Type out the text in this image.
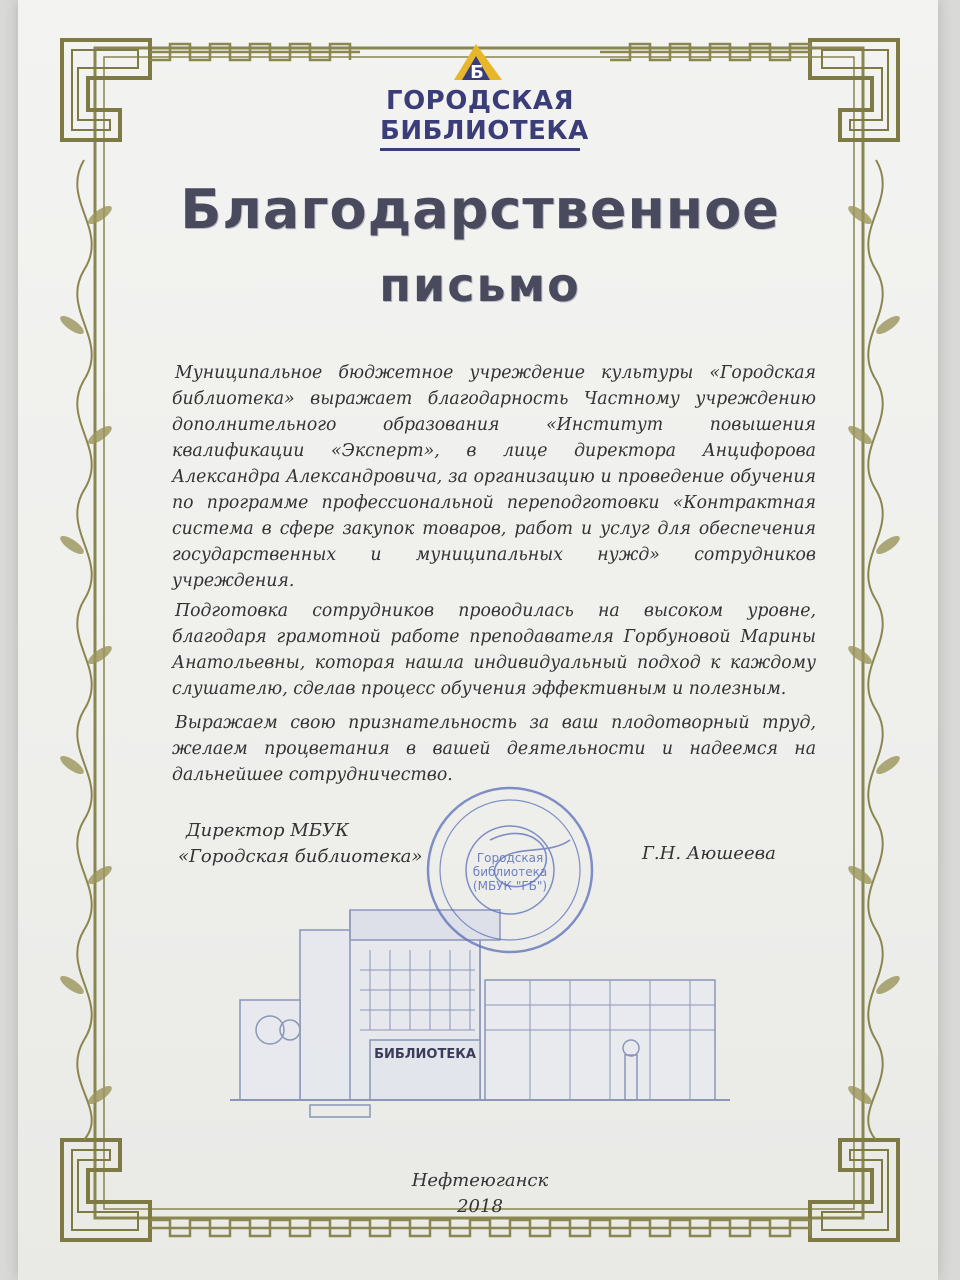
Б
ГОРОДСКАЯ
БИБЛИОТЕКА
Благодарственное
письмо
Муниципальное бюджетное учреждение культуры «Городская библиотека» выражает благодарность Частному учреждению дополнительного образования «Институт повышения квалификации «Эксперт», в лице директора Анцифорова Александра Александровича, за организацию и проведение обучения по программе профессиональной переподготовки «Контрактная система в сфере закупок товаров, работ и услуг для обеспечения государственных и муниципальных нужд» сотрудников учреждения.
Подготовка сотрудников проводилась на высоком уровне, благодаря грамотной работе преподавателя Горбуновой Марины Анатольевны, которая нашла индивидуальный подход к каждому слушателю, сделав процесс обучения эффективным и полезным.
Выражаем свою признательность за ваш плодотворный труд, желаем процветания в вашей деятельности и надеемся на дальнейшее сотрудничество.
БИБЛИОТЕКА
Городская
библиотека
(МБУК "ГБ")
Директор МБУК
«Городская библиотека»	Г.Н. Аюшеева
Нефтеюганск
2018
